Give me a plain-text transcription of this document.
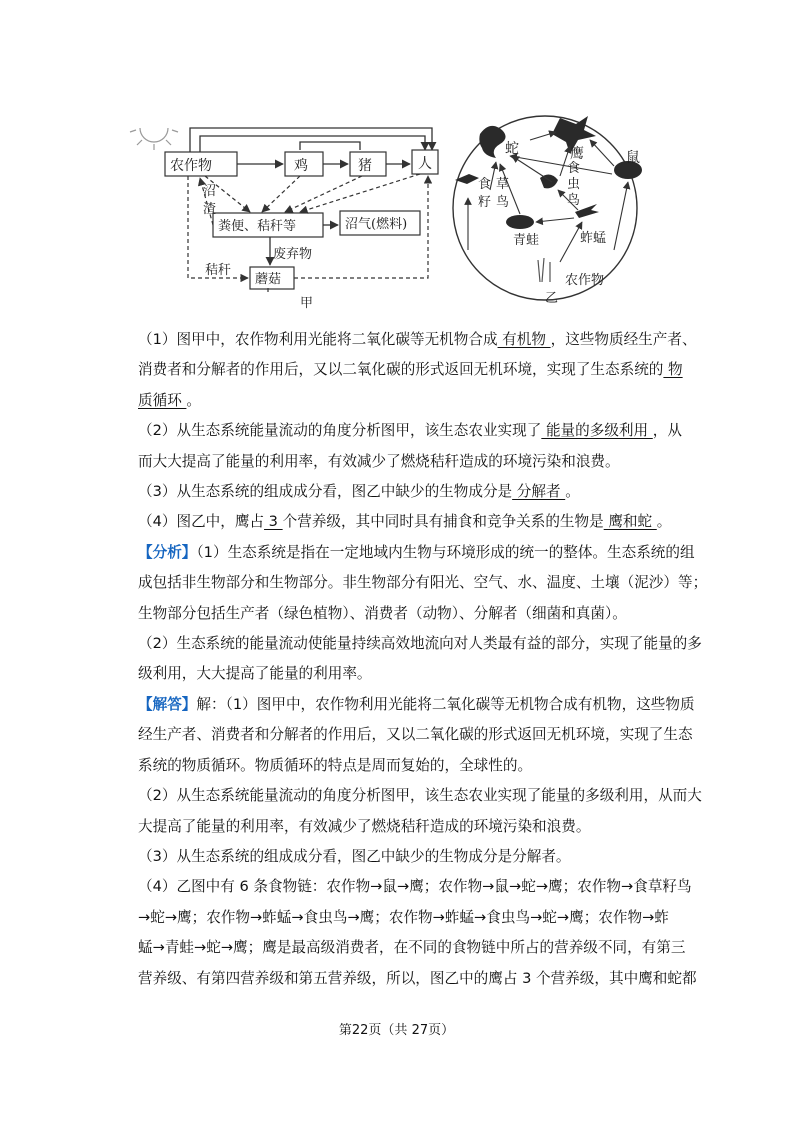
农作物	鸡	猪	人
粪便、秸秆等	沼气(燃料)
蘑菇
沼
渣
废弃物
秸秆
甲
蛇	鹰	鼠
食 草
籽 鸟
食
虫
鸟
青蛙	蚱蜢
农作物
乙

（1）图甲中，农作物利用光能将二氧化碳等无机物合成 有机物 ，这些物质经生产者、

消费者和分解者的作用后，又以二氧化碳的形式返回无机环境，实现了生态系统的 物

质循环 。

（2）从生态系统能量流动的角度分析图甲，该生态农业实现了 能量的多级利用 ，从

而大大提高了能量的利用率，有效减少了燃烧秸秆造成的环境污染和浪费。

（3）从生态系统的组成成分看，图乙中缺少的生物成分是 分解者 。

（4）图乙中，鹰占 3 个营养级，其中同时具有捕食和竞争关系的生物是 鹰和蛇 。

【分析】（1）生态系统是指在一定地域内生物与环境形成的统一的整体。生态系统的组

成包括非生物部分和生物部分。非生物部分有阳光、空气、水、温度、土壤（泥沙）等；

生物部分包括生产者（绿色植物）、消费者（动物）、分解者（细菌和真菌）。

（2）生态系统的能量流动使能量持续高效地流向对人类最有益的部分，实现了能量的多

级利用，大大提高了能量的利用率。

【解答】解：（1）图甲中，农作物利用光能将二氧化碳等无机物合成有机物，这些物质

经生产者、消费者和分解者的作用后，又以二氧化碳的形式返回无机环境，实现了生态

系统的物质循环。物质循环的特点是周而复始的，全球性的。

（2）从生态系统能量流动的角度分析图甲，该生态农业实现了能量的多级利用，从而大

大提高了能量的利用率，有效减少了燃烧秸秆造成的环境污染和浪费。

（3）从生态系统的组成成分看，图乙中缺少的生物成分是分解者。

（4）乙图中有 6 条食物链：农作物→鼠→鹰；农作物→鼠→蛇→鹰；农作物→食草籽鸟

→蛇→鹰；农作物→蚱蜢→食虫鸟→鹰；农作物→蚱蜢→食虫鸟→蛇→鹰；农作物→蚱

蜢→青蛙→蛇→鹰；鹰是最高级消费者，在不同的食物链中所占的营养级不同，有第三

营养级、有第四营养级和第五营养级，所以，图乙中的鹰占 3 个营养级，其中鹰和蛇都

第22页（共 27页）
